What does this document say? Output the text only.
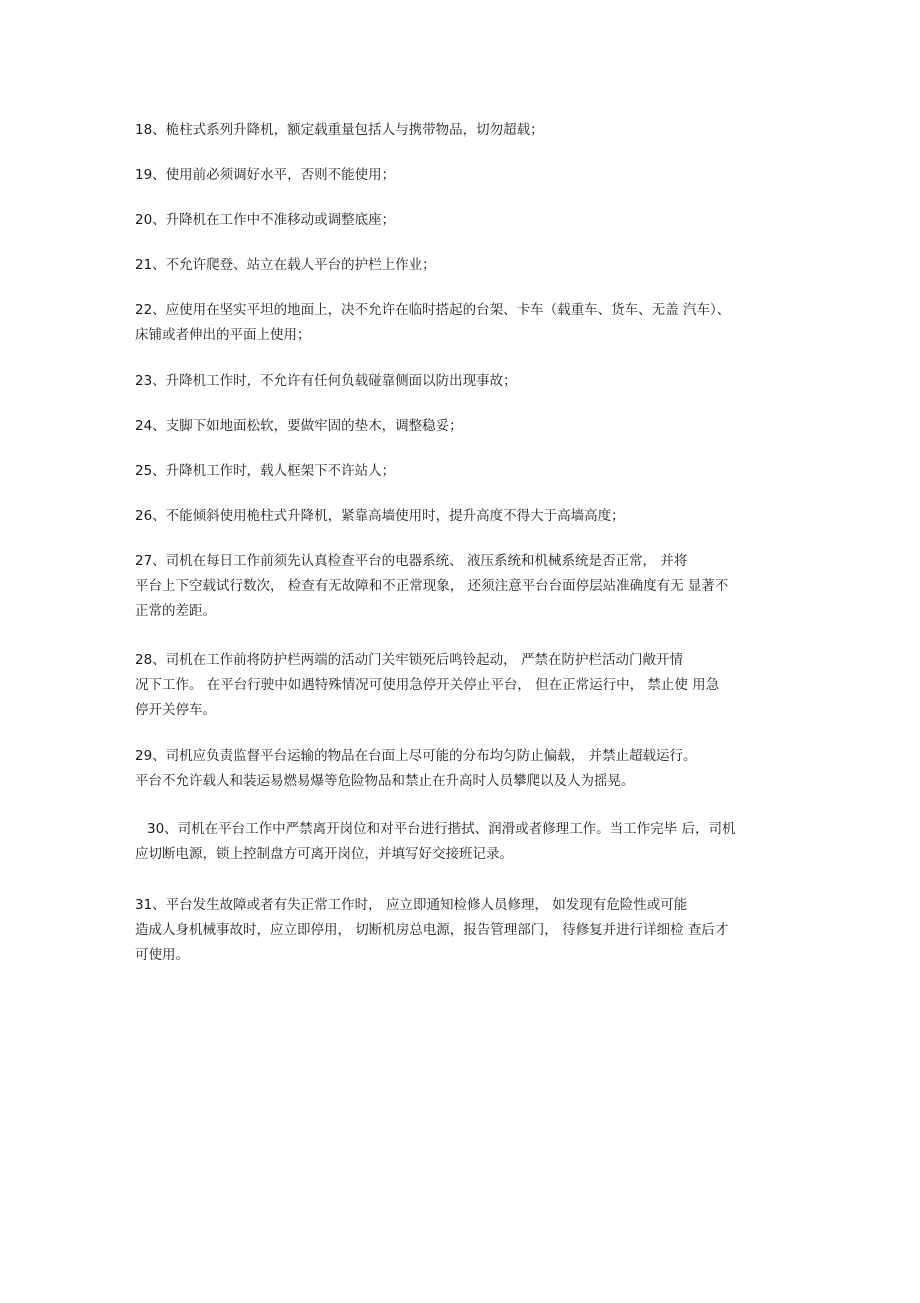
18、桅柱式系列升降机，额定载重量包括人与携带物品，切勿超载；

19、使用前必须调好水平，否则不能使用；

20、升降机在工作中不准移动或调整底座；

21、不允许爬登、站立在载人平台的护栏上作业；

22、应使用在坚实平坦的地面上，决不允许在临时搭起的台架、卡车（载重车、货车、无盖 汽车）、
床铺或者伸出的平面上使用；

23、升降机工作时，不允许有任何负载碰靠侧面以防出现事故；

24、支脚下如地面松软，要做牢固的垫木，调整稳妥；

25、升降机工作时，载人框架下不许站人；

26、不能倾斜使用桅柱式升降机，紧靠高墙使用时，提升高度不得大于高墙高度；

27、司机在每日工作前须先认真检查平台的电器系统、 液压系统和机械系统是否正常， 并将
平台上下空载试行数次， 检查有无故障和不正常现象， 还须注意平台台面停层站准确度有无 显著不
正常的差距。

28、司机在工作前将防护栏两端的活动门关牢锁死后鸣铃起动， 严禁在防护栏活动门敞开情
况下工作。 在平台行驶中如遇特殊情况可使用急停开关停止平台， 但在正常运行中， 禁止使 用急
停开关停车。

29、司机应负责监督平台运输的物品在台面上尽可能的分布均匀防止偏载， 并禁止超载运行。
平台不允许载人和装运易燃易爆等危险物品和禁止在升高时人员攀爬以及人为摇晃。

30、司机在平台工作中严禁离开岗位和对平台进行揩拭、润滑或者修理工作。当工作完毕 后，司机
应切断电源，锁上控制盘方可离开岗位，并填写好交接班记录。

31、平台发生故障或者有失正常工作时， 应立即通知检修人员修理， 如发现有危险性或可能
造成人身机械事故时，应立即停用， 切断机房总电源，报告管理部门， 待修复并进行详细检 查后才
可使用。
